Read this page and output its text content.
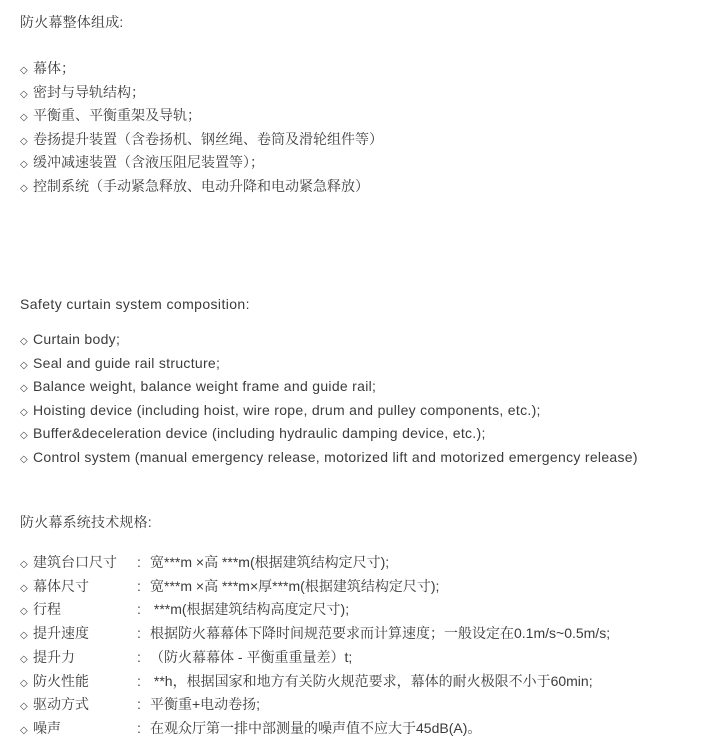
防火幕整体组成:
◇ 幕体；
◇ 密封与导轨结构；
◇ 平衡重、平衡重架及导轨；
◇ 卷扬提升装置（含卷扬机、钢丝绳、卷筒及滑轮组件等）
◇ 缓冲减速装置（含液压阻尼装置等）；
◇ 控制系统（手动紧急释放、电动升降和电动紧急释放）
Safety curtain system composition:
◇ Curtain body;
◇ Seal and guide rail structure;
◇ Balance weight, balance weight frame and guide rail;
◇ Hoisting device (including hoist, wire rope, drum and pulley components, etc.);
◇ Buffer&deceleration device (including hydraulic damping device, etc.);
◇ Control system (manual emergency release, motorized lift and motorized emergency release)
防火幕系统技术规格:
◇ 建筑台口尺寸	: 宽***m ×高 ***m(根据建筑结构定尺寸);
◇ 幕体尺寸	: 宽***m ×高 ***m×厚***m(根据建筑结构定尺寸);
◇ 行程	: ***m(根据建筑结构高度定尺寸);
◇ 提升速度	: 根据防火幕幕体下降时间规范要求而计算速度；一般设定在0.1m/s~0.5m/s;
◇ 提升力	: （防火幕幕体 - 平衡重重量差）t;
◇ 防火性能	: **h，根据国家和地方有关防火规范要求，幕体的耐火极限不小于60min;
◇ 驱动方式	: 平衡重+电动卷扬;
◇ 噪声	: 在观众厅第一排中部测量的噪声值不应大于45dB(A)。
